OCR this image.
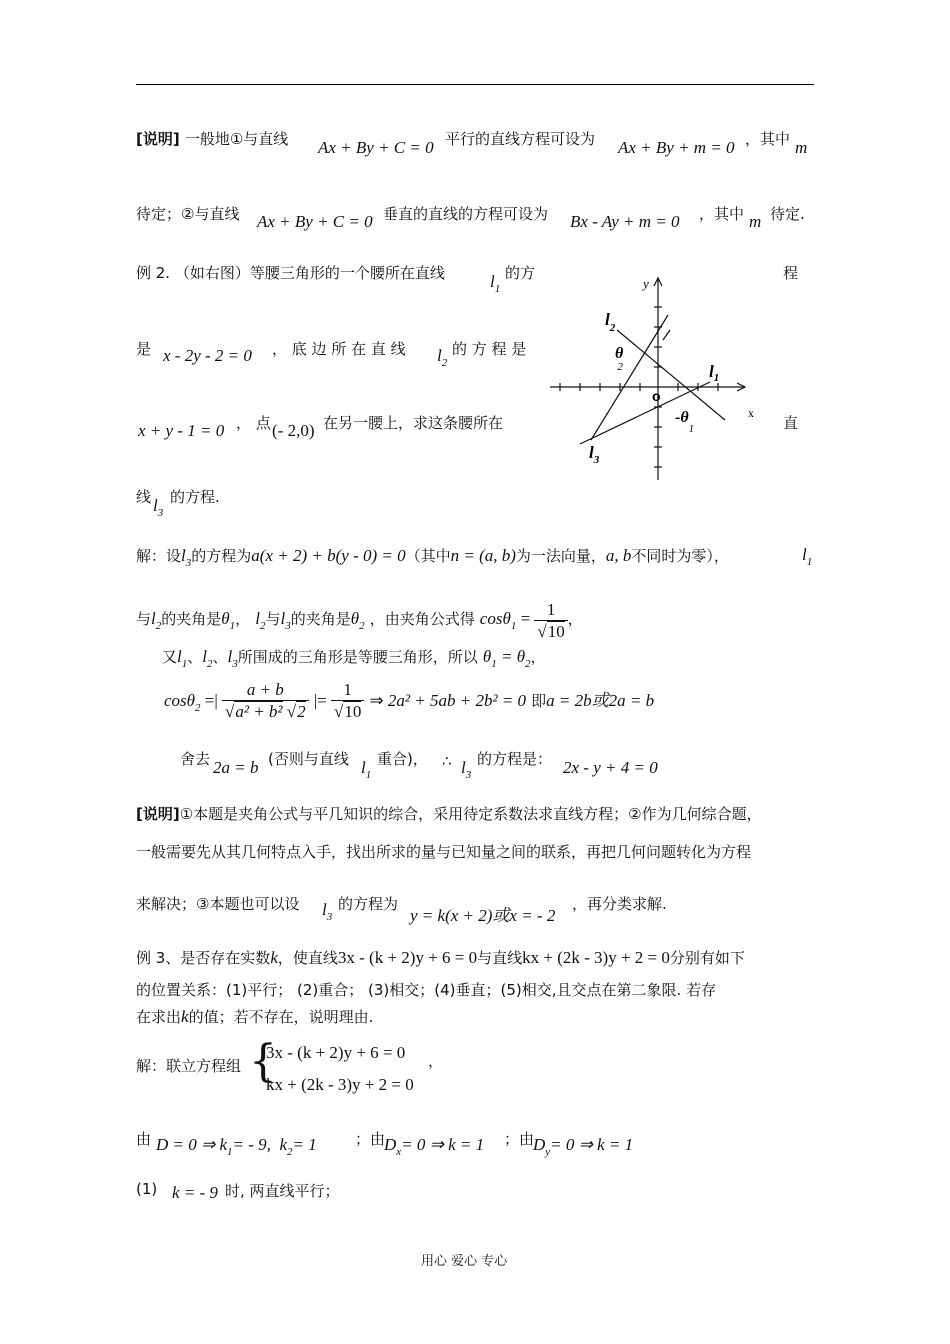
[说明] 一般地①与直线 Ax + By + C = 0 平行的直线方程可设为 Ax + By + m = 0 ，其中 m
待定；②与直线 Ax + By + C = 0 垂直的直线的方程可设为 Bx - Ay + m = 0 ，其中 m 待定.
例 2. （如右图）等腰三角形的一个腰所在直线	$l_1$
的方	程
是 x - 2y - 2 = 0 ， 底 边 所 在 直 线 $l_2$
的 方 程 是
x + y - 1 = 0 ， 点 (- 2,0) 在另一腰上，求这条腰所在	直
线 $l_3$
的方程.
y
x
o
$l_2$
$l_1$
$l_3$
θ 2
$-\theta_1$
解：设$l_3$的方程为a(x + 2) + b(y - 0) = 0（其中n = (a, b)为一法向量，a, b不同时为零），	$l_1$
与$l_2$的夹角是$\theta_1$， $l_2$与$l_3$的夹角是$\theta_2$ ，由夹角公式得 $\cos\theta_1 = \frac{1}{√10}$ ，
又$l_1$、$l_2$、$l_3$所围成的三角形是等腰三角形，所以 $\theta_1 = \theta_2$，
cosθ$_2$ =| $\frac{a + b}{\text{√a² + b² √2}}$ |= $\frac{1}{√10}$ ⇒ 2a² + 5ab + 2b² = 0 即a = 2b或2a = b
舍去 2a = b (否则与直线 $l_1$
重合)， ∴ $l_3$
的方程是： 2x - y + 4 = 0
[说明]①本题是夹角公式与平几知识的综合，采用待定系数法求直线方程；②作为几何综合题，
一般需要先从其几何特点入手，找出所求的量与已知量之间的联系，再把几何问题转化为方程
来解决；③本题也可以设 $l_3$
的方程为
y = k(x + 2)或x = - 2
，再分类求解.
例 3、是否存在实数k，使直线3x - (k + 2)y + 6 = 0与直线kx + (2k - 3)y + 2 = 0分别有如下
的位置关系：(1)平行； (2)重合； (3)相交；(4)垂直；(5)相交,且交点在第二象限. 若存
在求出k的值；若不存在，说明理由.
解：联立方程组 {
3x - (k + 2)y + 6 = 0
kx + (2k - 3)y + 2 = 0
，
由 D = 0 ⇒ $k_1= - 9$, $k_2= 1$	；由
$D_x= 0$ ⇒ k = 1 ；由
$D_y= 0$ ⇒ k = 1
(1) k = - 9 时, 两直线平行；
用心 爱心 专心
